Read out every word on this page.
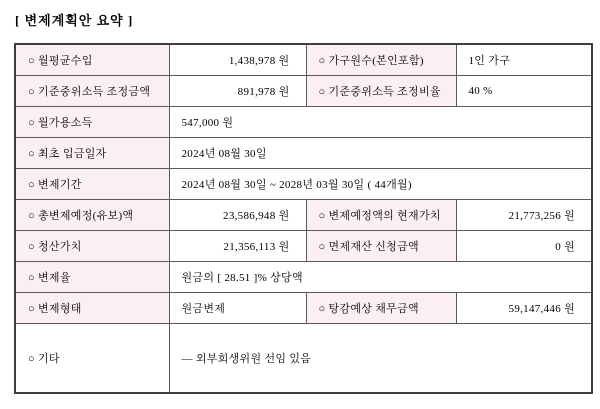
[ 변제계획안 요약 ]
○ 월평균수입	1,438,978 원	○ 가구원수(본인포함)	1인 가구
○ 기준중위소득 조정금액	891,978 원	○ 기준중위소득 조정비율	40 %
○ 월가용소득	547,000 원		
○ 최초 입금일자	2024년 08월 30일		
○ 변제기간	2024년 08월 30일 ~ 2028년 03월 30일 ( 44개월)		
○ 총변제예정(유보)액	23,586,948 원	○ 변제예정액의 현재가치	21,773,256 원
○ 청산가치	21,356,113 원	○ 면제재산 신청금액	0 원
○ 변제율	원금의 [ 28.51 ]% 상당액		
○ 변제형태	원금변제	○ 탕감예상 채무금액	59,147,446 원
○ 기타	— 외부회생위원 선임 있음		
